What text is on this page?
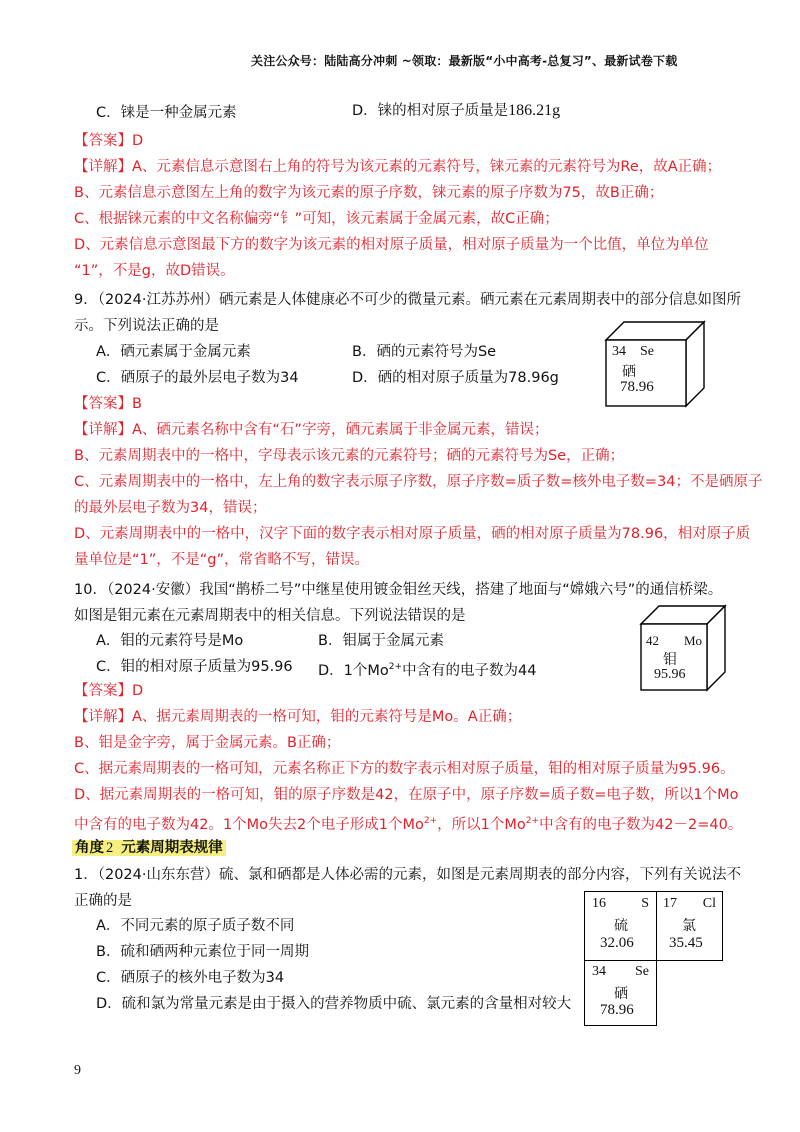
关注公众号：陆陆高分冲刺 ~领取：最新版“小中高考-总复习”、最新试卷下载
C．铼是一种金属元素	D．铼的相对原子质量是186.21g
【答案】D
【详解】A、元素信息示意图右上角的符号为该元素的元素符号，铼元素的元素符号为Re，故A正确；
B、元素信息示意图左上角的数字为该元素的原子序数，铼元素的原子序数为75，故B正确；
C、根据铼元素的中文名称偏旁“钅”可知，该元素属于金属元素，故C正确；
D、元素信息示意图最下方的数字为该元素的相对原子质量，相对原子质量为一个比值，单位为单位
“1”，不是g，故D错误。
9．（2024·江苏苏州）硒元素是人体健康必不可少的微量元素。硒元素在元素周期表中的部分信息如图所
示。下列说法正确的是
A．硒元素属于金属元素	B．硒的元素符号为Se
C．硒原子的最外层电子数为34	D．硒的相对原子质量为78.96g
34 Se
硒
78.96
【答案】B
【详解】A、硒元素名称中含有“石”字旁，硒元素属于非金属元素，错误；
B、元素周期表中的一格中，字母表示该元素的元素符号；硒的元素符号为Se，正确；
C、元素周期表中的一格中，左上角的数字表示原子序数，原子序数=质子数=核外电子数=34；不是硒原子
的最外层电子数为34，错误；
D、元素周期表中的一格中，汉字下面的数字表示相对原子质量，硒的相对原子质量为78.96，相对原子质
量单位是“1”，不是“g”，常省略不写，错误。
10．（2024·安徽）我国“鹊桥二号”中继星使用镀金钼丝天线，搭建了地面与“嫦娥六号”的通信桥梁。
如图是钼元素在元素周期表中的相关信息。下列说法错误的是
A．钼的元素符号是Mo	B．钼属于金属元素
C．钼的相对原子质量为95.96 D．1个$Mo^{2+}$中含有的电子数为44
42 Mo
钼
95.96
【答案】D
【详解】A、据元素周期表的一格可知，钼的元素符号是Mo。A正确；
B、钼是金字旁，属于金属元素。B正确；
C、据元素周期表的一格可知，元素名称正下方的数字表示相对原子质量，钼的相对原子质量为95.96。
D、据元素周期表的一格可知，钼的原子序数是42，在原子中，原子序数=质子数=电子数，所以1个Mo
中含有的电子数为42。1个Mo失去2个电子形成1个$Mo^{2+}$，所以1个$Mo^{2+}$中含有的电子数为42－2=40。
角度 2 元素周期表规律
1．（2024·山东东营）硫、氯和硒都是人体必需的元素，如图是元素周期表的部分内容，下列有关说法不
正确的是
A．不同元素的原子质子数不同
B．硫和硒两种元素位于同一周期
C．硒原子的核外电子数为34
D．硫和氯为常量元素是由于摄入的营养物质中硫、氯元素的含量相对较大
16	S
硫
32.06
17 Cl
氯
35.45
34 Se
硒
78.96
9
